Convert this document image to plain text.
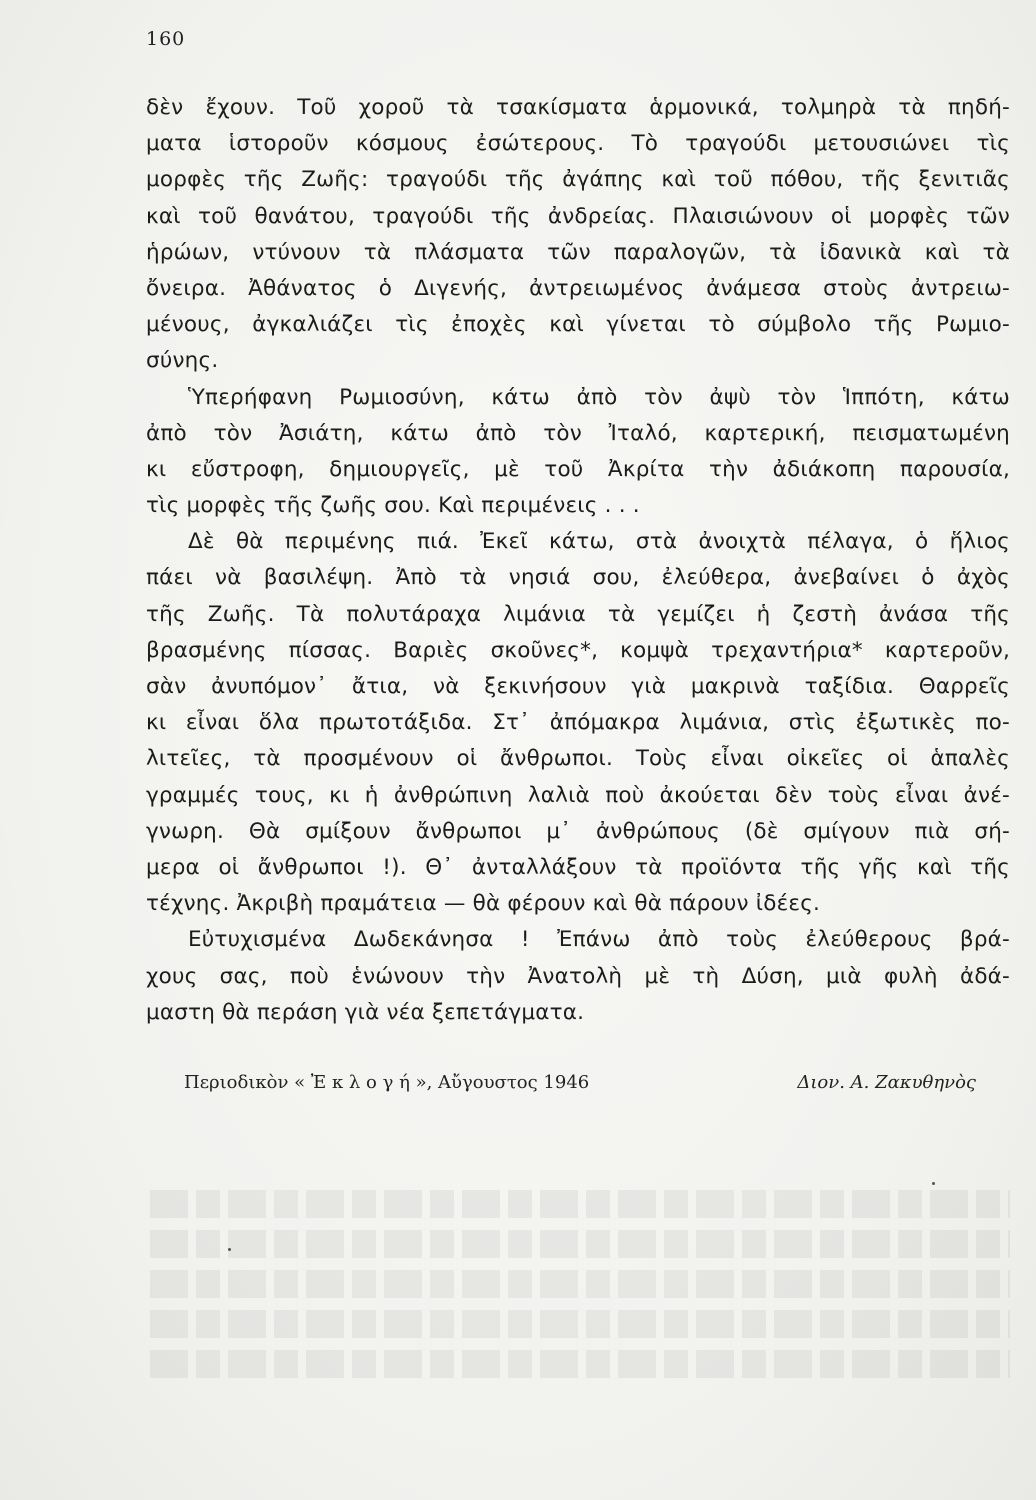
160
δὲν ἔχουν. Τοῦ χοροῦ τὰ τσακίσματα ἁρμονικά, τολμηρὰ τὰ πηδή-
ματα ἱστοροῦν κόσμους ἐσώτερους. Τὸ τραγούδι μετουσιώνει τὶς
μορφὲς τῆς Ζωῆς: τραγούδι τῆς ἀγάπης καὶ τοῦ πόθου, τῆς ξενιτιᾶς
καὶ τοῦ θανάτου, τραγούδι τῆς ἀνδρείας. Πλαισιώνουν οἱ μορφὲς τῶν
ἡρώων, ντύνουν τὰ πλάσματα τῶν παραλογῶν, τὰ ἰδανικὰ καὶ τὰ
ὄνειρα. Ἀθάνατος ὁ Διγενής, ἀντρειωμένος ἀνάμεσα στοὺς ἀντρειω-
μένους, ἀγκαλιάζει τὶς ἐποχὲς καὶ γίνεται τὸ σύμβολο τῆς Ρωμιο-
σύνης.
Ὑπερήφανη Ρωμιοσύνη, κάτω ἀπὸ τὸν ἀψὺ τὸν Ἱππότη, κάτω
ἀπὸ τὸν Ἀσιάτη, κάτω ἀπὸ τὸν Ἰταλό, καρτερική, πεισματωμένη
κι εὔστροφη, δημιουργεῖς, μὲ τοῦ Ἀκρίτα τὴν ἀδιάκοπη παρουσία,
τὶς μορφὲς τῆς ζωῆς σου. Καὶ περιμένεις . . .
Δὲ θὰ περιμένης πιά. Ἐκεῖ κάτω, στὰ ἀνοιχτὰ πέλαγα, ὁ ἥλιος
πάει νὰ βασιλέψη. Ἀπὸ τὰ νησιά σου, ἐλεύθερα, ἀνεβαίνει ὁ ἀχὸς
τῆς Ζωῆς. Τὰ πολυτάραχα λιμάνια τὰ γεμίζει ἡ ζεστὴ ἀνάσα τῆς
βρασμένης πίσσας. Βαριὲς σκοῦνες*, κομψὰ τρεχαντήρια* καρτεροῦν,
σὰν ἀνυπόμον᾽ ἄτια, νὰ ξεκινήσουν γιὰ μακρινὰ ταξίδια. Θαρρεῖς
κι εἶναι ὅλα πρωτοτάξιδα. Στ᾽ ἀπόμακρα λιμάνια, στὶς ἐξωτικὲς πο-
λιτεῖες, τὰ προσμένουν οἱ ἄνθρωποι. Τοὺς εἶναι οἰκεῖες οἱ ἁπαλὲς
γραμμές τους, κι ἡ ἀνθρώπινη λαλιὰ ποὺ ἀκούεται δὲν τοὺς εἶναι ἀνέ-
γνωρη. Θὰ σμίξουν ἄνθρωποι μ᾽ ἀνθρώπους (δὲ σμίγουν πιὰ σή-
μερα οἱ ἄνθρωποι !). Θ᾽ ἀνταλλάξουν τὰ προϊόντα τῆς γῆς καὶ τῆς
τέχνης. Ἀκριβὴ πραμάτεια — θὰ φέρουν καὶ θὰ πάρουν ἰδέες.
Εὐτυχισμένα Δωδεκάνησα ! Ἐπάνω ἀπὸ τοὺς ἐλεύθερους βρά-
χους σας, ποὺ ἑνώνουν τὴν Ἀνατολὴ μὲ τὴ Δύση, μιὰ φυλὴ ἀδά-
μαστη θὰ περάση γιὰ νέα ξεπετάγματα.
Περιοδικὸν « Ἐ κ λ ο γ ή », Αὔγουστος 1946	Διον. Α. Ζακυθηνὸς
